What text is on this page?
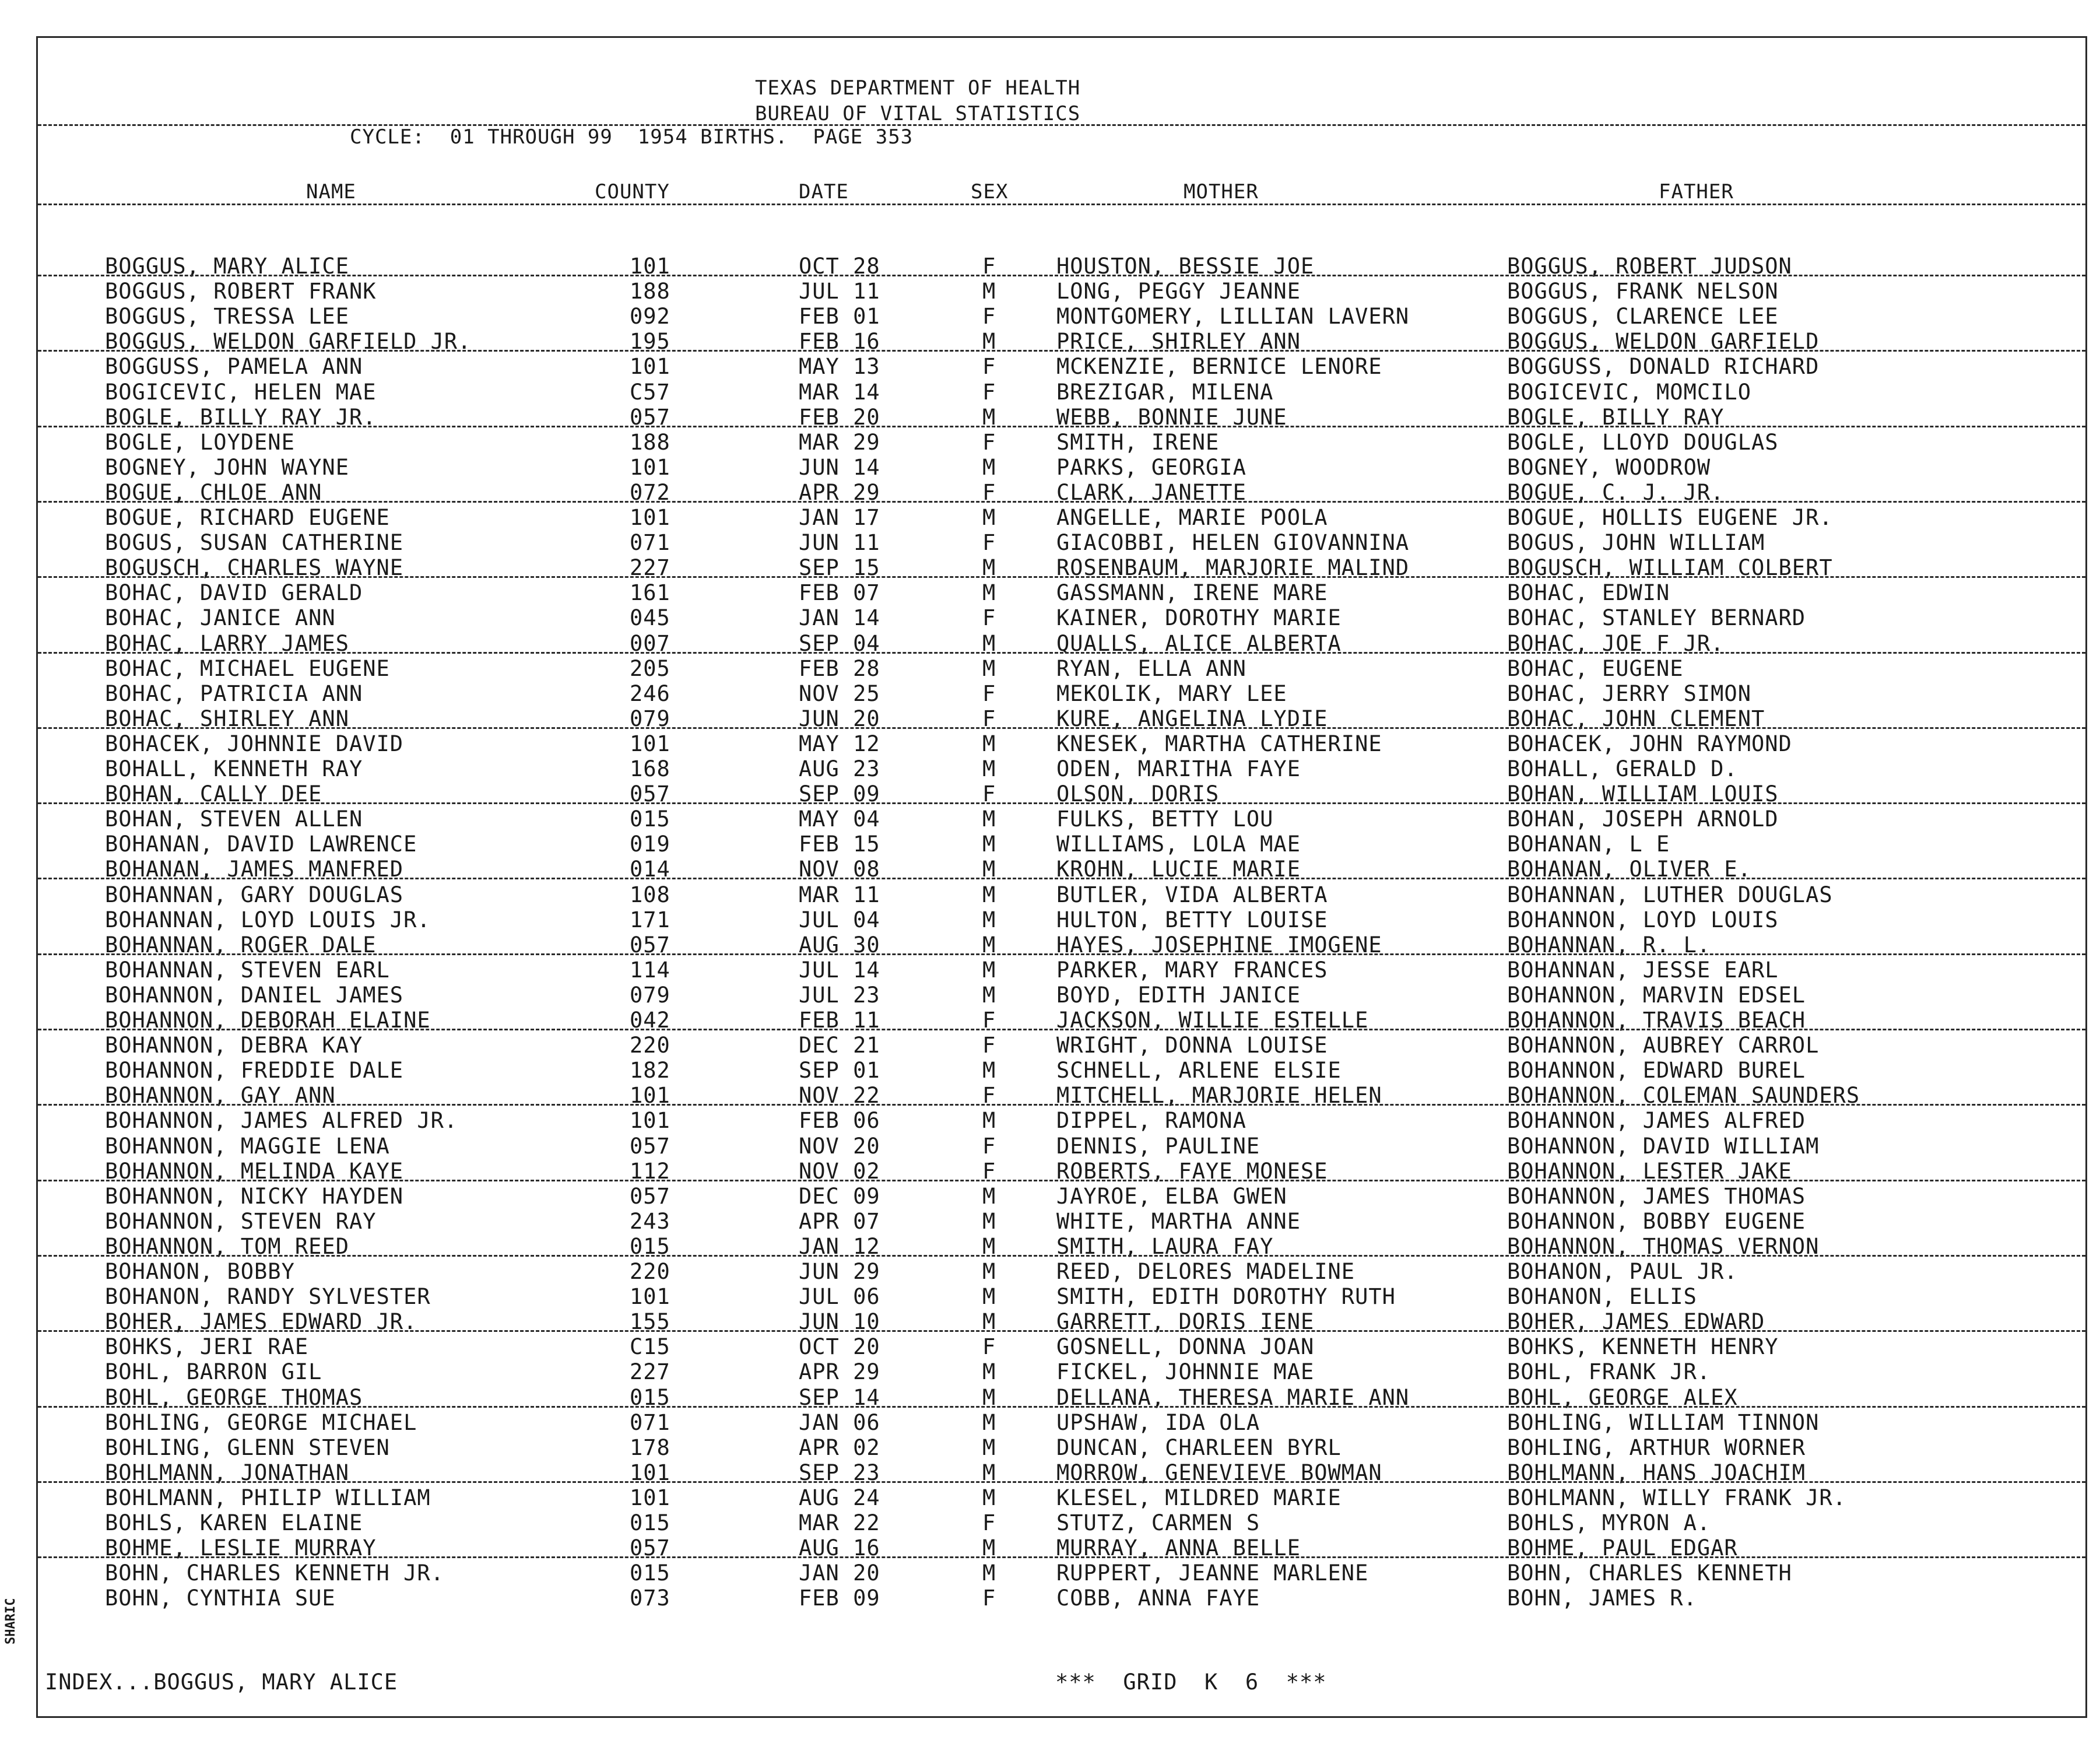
TEXAS DEPARTMENT OF HEALTH
BUREAU OF VITAL STATISTICS
CYCLE:  01 THROUGH 99  1954 BIRTHS.  PAGE 353
NAME	COUNTY	DATE	SEX	MOTHER	FATHER
BOGGUS, MARY ALICE	101	OCT 28	F	HOUSTON, BESSIE JOE	BOGGUS, ROBERT JUDSON
BOGGUS, ROBERT FRANK	188	JUL 11	M	LONG, PEGGY JEANNE	BOGGUS, FRANK NELSON
BOGGUS, TRESSA LEE	092	FEB 01	F	MONTGOMERY, LILLIAN LAVERN	BOGGUS, CLARENCE LEE
BOGGUS, WELDON GARFIELD JR.	195	FEB 16	M	PRICE, SHIRLEY ANN	BOGGUS, WELDON GARFIELD
BOGGUSS, PAMELA ANN	101	MAY 13	F	MCKENZIE, BERNICE LENORE	BOGGUSS, DONALD RICHARD
BOGICEVIC, HELEN MAE	C57	MAR 14	F	BREZIGAR, MILENA	BOGICEVIC, MOMCILO
BOGLE, BILLY RAY JR.	057	FEB 20	M	WEBB, BONNIE JUNE	BOGLE, BILLY RAY
BOGLE, LOYDENE	188	MAR 29	F	SMITH, IRENE	BOGLE, LLOYD DOUGLAS
BOGNEY, JOHN WAYNE	101	JUN 14	M	PARKS, GEORGIA	BOGNEY, WOODROW
BOGUE, CHLOE ANN	072	APR 29	F	CLARK, JANETTE	BOGUE, C. J. JR.
BOGUE, RICHARD EUGENE	101	JAN 17	M	ANGELLE, MARIE POOLA	BOGUE, HOLLIS EUGENE JR.
BOGUS, SUSAN CATHERINE	071	JUN 11	F	GIACOBBI, HELEN GIOVANNINA	BOGUS, JOHN WILLIAM
BOGUSCH, CHARLES WAYNE	227	SEP 15	M	ROSENBAUM, MARJORIE MALIND	BOGUSCH, WILLIAM COLBERT
BOHAC, DAVID GERALD	161	FEB 07	M	GASSMANN, IRENE MARE	BOHAC, EDWIN
BOHAC, JANICE ANN	045	JAN 14	F	KAINER, DOROTHY MARIE	BOHAC, STANLEY BERNARD
BOHAC, LARRY JAMES	007	SEP 04	M	QUALLS, ALICE ALBERTA	BOHAC, JOE F JR.
BOHAC, MICHAEL EUGENE	205	FEB 28	M	RYAN, ELLA ANN	BOHAC, EUGENE
BOHAC, PATRICIA ANN	246	NOV 25	F	MEKOLIK, MARY LEE	BOHAC, JERRY SIMON
BOHAC, SHIRLEY ANN	079	JUN 20	F	KURE, ANGELINA LYDIE	BOHAC, JOHN CLEMENT
BOHACEK, JOHNNIE DAVID	101	MAY 12	M	KNESEK, MARTHA CATHERINE	BOHACEK, JOHN RAYMOND
BOHALL, KENNETH RAY	168	AUG 23	M	ODEN, MARITHA FAYE	BOHALL, GERALD D.
BOHAN, CALLY DEE	057	SEP 09	F	OLSON, DORIS	BOHAN, WILLIAM LOUIS
BOHAN, STEVEN ALLEN	015	MAY 04	M	FULKS, BETTY LOU	BOHAN, JOSEPH ARNOLD
BOHANAN, DAVID LAWRENCE	019	FEB 15	M	WILLIAMS, LOLA MAE	BOHANAN, L E
BOHANAN, JAMES MANFRED	014	NOV 08	M	KROHN, LUCIE MARIE	BOHANAN, OLIVER E.
BOHANNAN, GARY DOUGLAS	108	MAR 11	M	BUTLER, VIDA ALBERTA	BOHANNAN, LUTHER DOUGLAS
BOHANNAN, LOYD LOUIS JR.	171	JUL 04	M	HULTON, BETTY LOUISE	BOHANNON, LOYD LOUIS
BOHANNAN, ROGER DALE	057	AUG 30	M	HAYES, JOSEPHINE IMOGENE	BOHANNAN, R. L.
BOHANNAN, STEVEN EARL	114	JUL 14	M	PARKER, MARY FRANCES	BOHANNAN, JESSE EARL
BOHANNON, DANIEL JAMES	079	JUL 23	M	BOYD, EDITH JANICE	BOHANNON, MARVIN EDSEL
BOHANNON, DEBORAH ELAINE	042	FEB 11	F	JACKSON, WILLIE ESTELLE	BOHANNON, TRAVIS BEACH
BOHANNON, DEBRA KAY	220	DEC 21	F	WRIGHT, DONNA LOUISE	BOHANNON, AUBREY CARROL
BOHANNON, FREDDIE DALE	182	SEP 01	M	SCHNELL, ARLENE ELSIE	BOHANNON, EDWARD BUREL
BOHANNON, GAY ANN	101	NOV 22	F	MITCHELL, MARJORIE HELEN	BOHANNON, COLEMAN SAUNDERS
BOHANNON, JAMES ALFRED JR.	101	FEB 06	M	DIPPEL, RAMONA	BOHANNON, JAMES ALFRED
BOHANNON, MAGGIE LENA	057	NOV 20	F	DENNIS, PAULINE	BOHANNON, DAVID WILLIAM
BOHANNON, MELINDA KAYE	112	NOV 02	F	ROBERTS, FAYE MONESE	BOHANNON, LESTER JAKE
BOHANNON, NICKY HAYDEN	057	DEC 09	M	JAYROE, ELBA GWEN	BOHANNON, JAMES THOMAS
BOHANNON, STEVEN RAY	243	APR 07	M	WHITE, MARTHA ANNE	BOHANNON, BOBBY EUGENE
BOHANNON, TOM REED	015	JAN 12	M	SMITH, LAURA FAY	BOHANNON, THOMAS VERNON
BOHANON, BOBBY	220	JUN 29	M	REED, DELORES MADELINE	BOHANON, PAUL JR.
BOHANON, RANDY SYLVESTER	101	JUL 06	M	SMITH, EDITH DOROTHY RUTH	BOHANON, ELLIS
BOHER, JAMES EDWARD JR.	155	JUN 10	M	GARRETT, DORIS IENE	BOHER, JAMES EDWARD
BOHKS, JERI RAE	C15	OCT 20	F	GOSNELL, DONNA JOAN	BOHKS, KENNETH HENRY
BOHL, BARRON GIL	227	APR 29	M	FICKEL, JOHNNIE MAE	BOHL, FRANK JR.
BOHL, GEORGE THOMAS	015	SEP 14	M	DELLANA, THERESA MARIE ANN	BOHL, GEORGE ALEX
BOHLING, GEORGE MICHAEL	071	JAN 06	M	UPSHAW, IDA OLA	BOHLING, WILLIAM TINNON
BOHLING, GLENN STEVEN	178	APR 02	M	DUNCAN, CHARLEEN BYRL	BOHLING, ARTHUR WORNER
BOHLMANN, JONATHAN	101	SEP 23	M	MORROW, GENEVIEVE BOWMAN	BOHLMANN, HANS JOACHIM
BOHLMANN, PHILIP WILLIAM	101	AUG 24	M	KLESEL, MILDRED MARIE	BOHLMANN, WILLY FRANK JR.
BOHLS, KAREN ELAINE	015	MAR 22	F	STUTZ, CARMEN S	BOHLS, MYRON A.
BOHME, LESLIE MURRAY	057	AUG 16	M	MURRAY, ANNA BELLE	BOHME, PAUL EDGAR
BOHN, CHARLES KENNETH JR.	015	JAN 20	M	RUPPERT, JEANNE MARLENE	BOHN, CHARLES KENNETH
BOHN, CYNTHIA SUE	073	FEB 09	F	COBB, ANNA FAYE	BOHN, JAMES R.
INDEX...BOGGUS, MARY ALICE	***  GRID  K  6  ***
SHARIC
